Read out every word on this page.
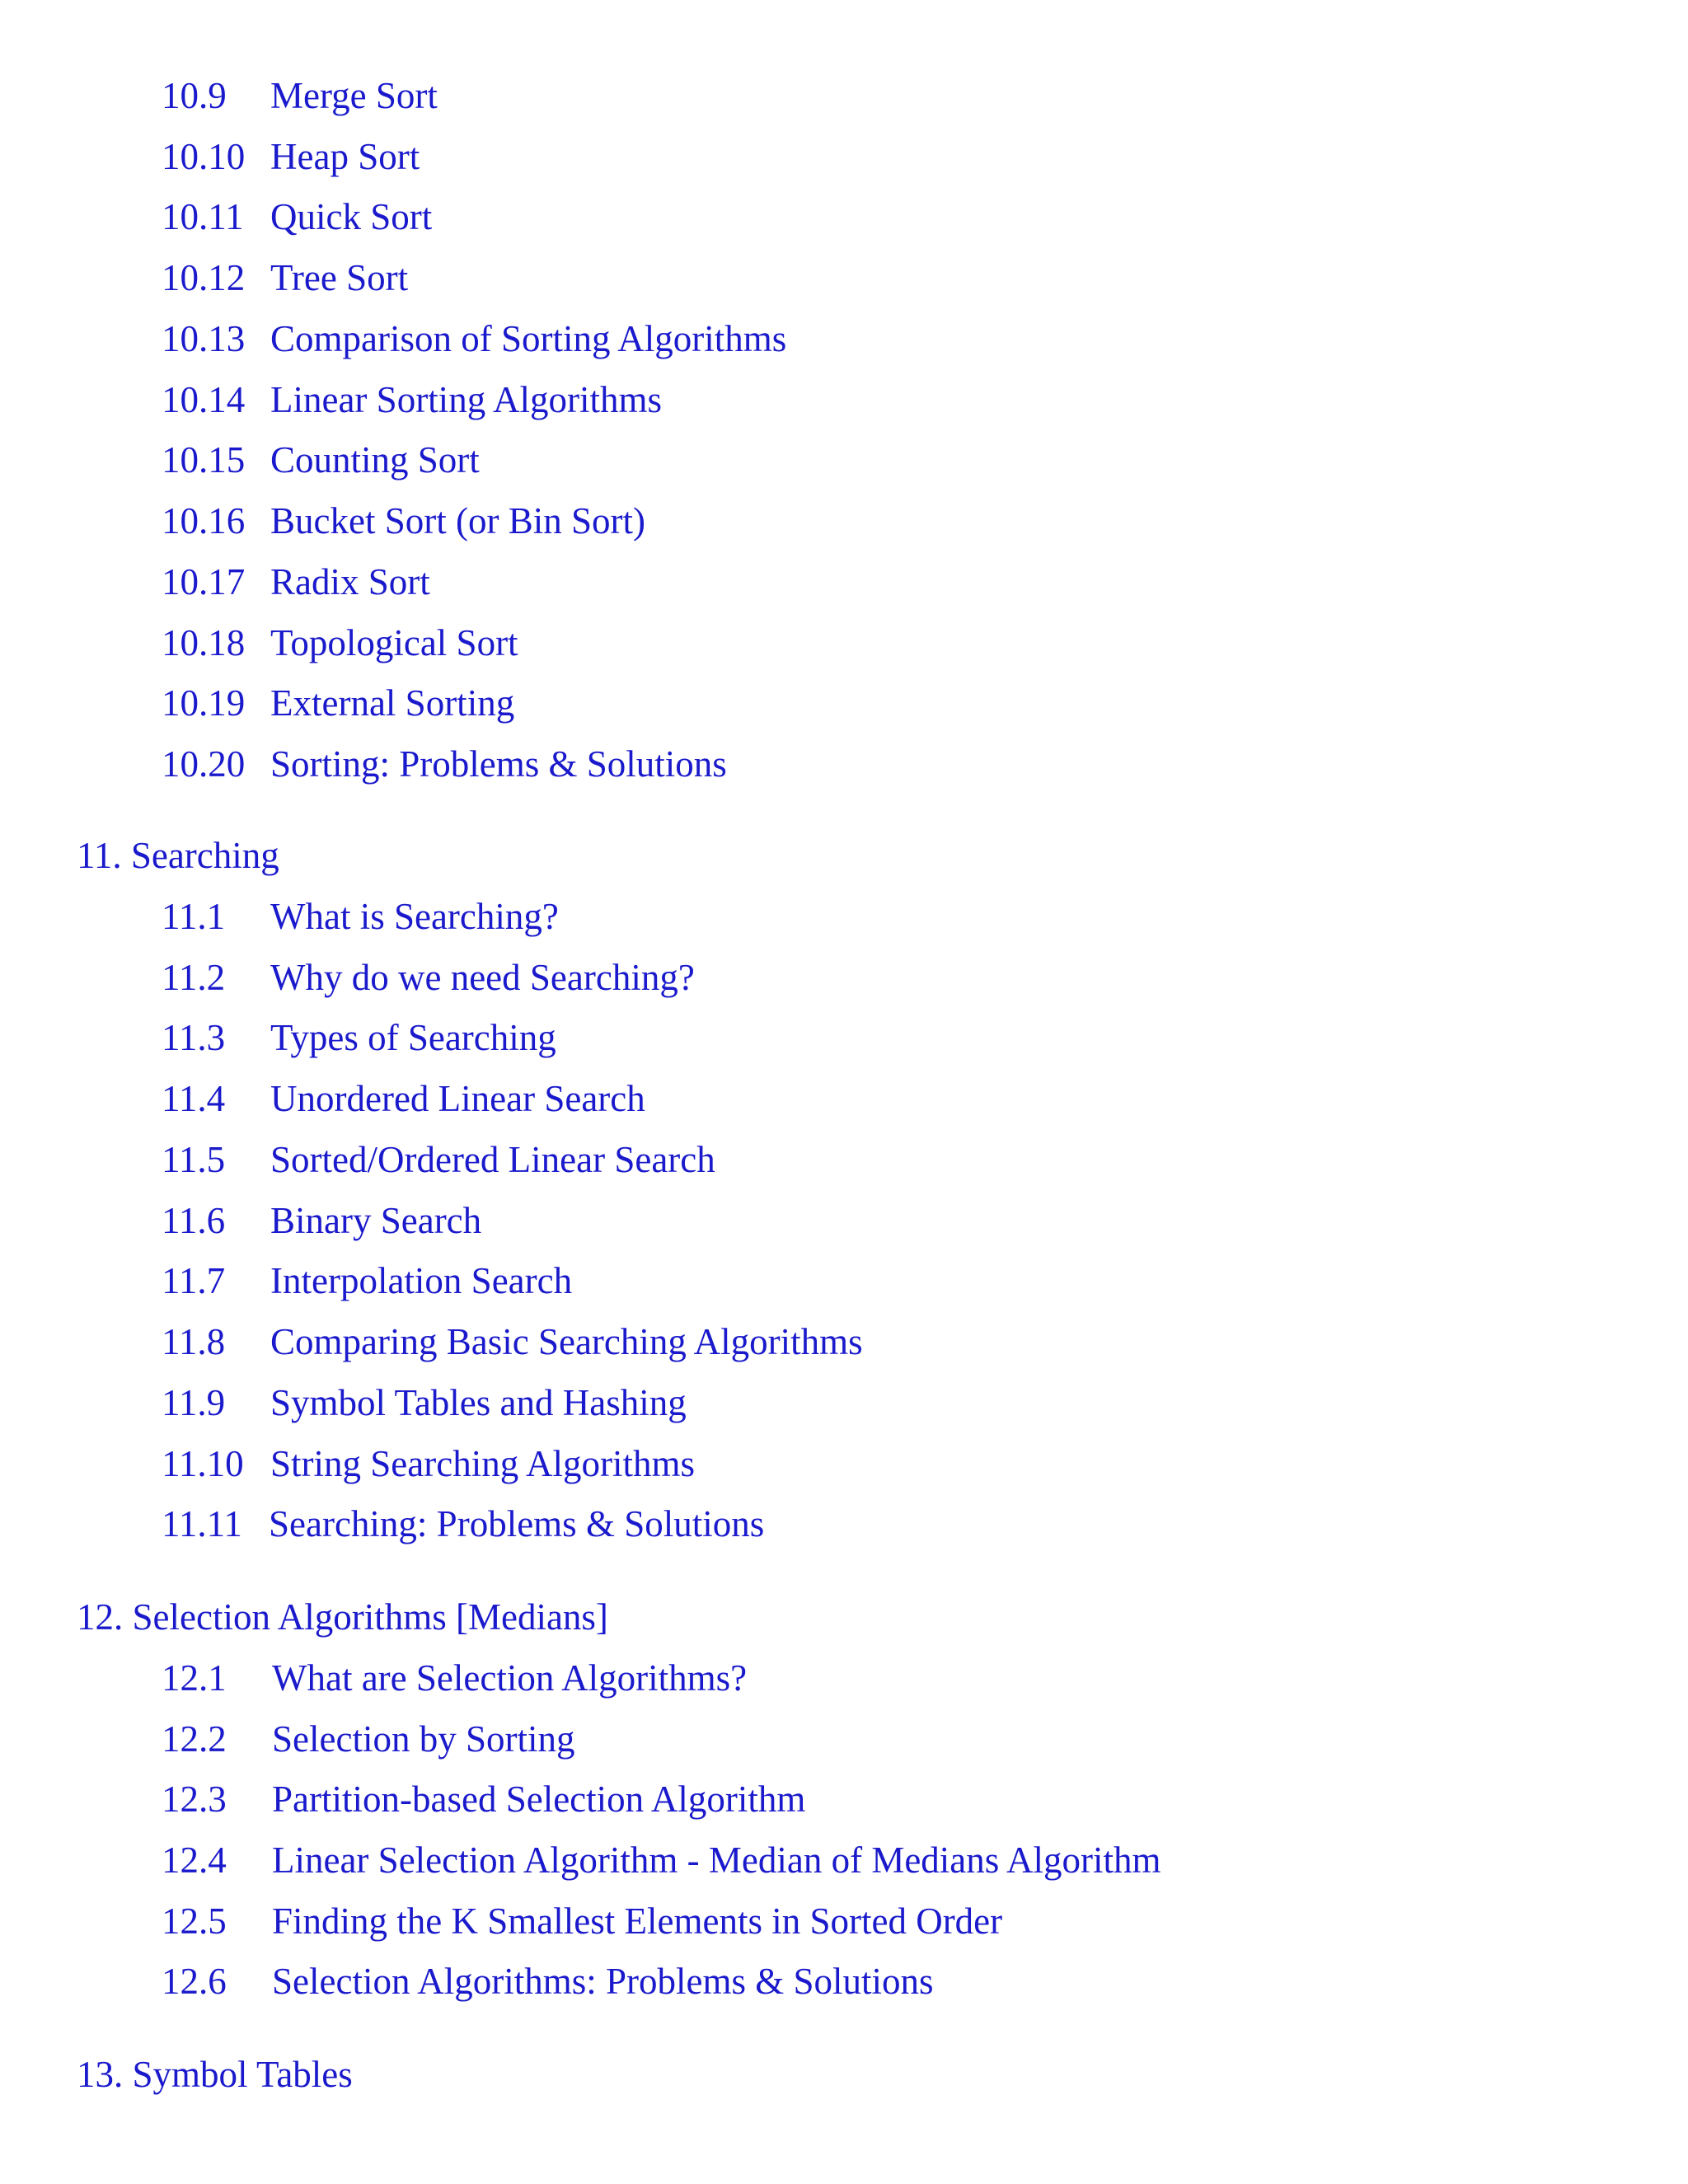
10.9 Merge Sort
10.10 Heap Sort
10.11 Quick Sort
10.12 Tree Sort
10.13 Comparison of Sorting Algorithms
10.14 Linear Sorting Algorithms
10.15 Counting Sort
10.16 Bucket Sort (or Bin Sort)
10.17 Radix Sort
10.18 Topological Sort
10.19 External Sorting
10.20 Sorting: Problems & Solutions
11. Searching
11.1 What is Searching?
11.2 Why do we need Searching?
11.3 Types of Searching
11.4 Unordered Linear Search
11.5 Sorted/Ordered Linear Search
11.6 Binary Search
11.7 Interpolation Search
11.8 Comparing Basic Searching Algorithms
11.9 Symbol Tables and Hashing
11.10 String Searching Algorithms
11.11 Searching: Problems & Solutions
12. Selection Algorithms [Medians]
12.1 What are Selection Algorithms?
12.2 Selection by Sorting
12.3 Partition-based Selection Algorithm
12.4 Linear Selection Algorithm - Median of Medians Algorithm
12.5 Finding the K Smallest Elements in Sorted Order
12.6 Selection Algorithms: Problems & Solutions
13. Symbol Tables
